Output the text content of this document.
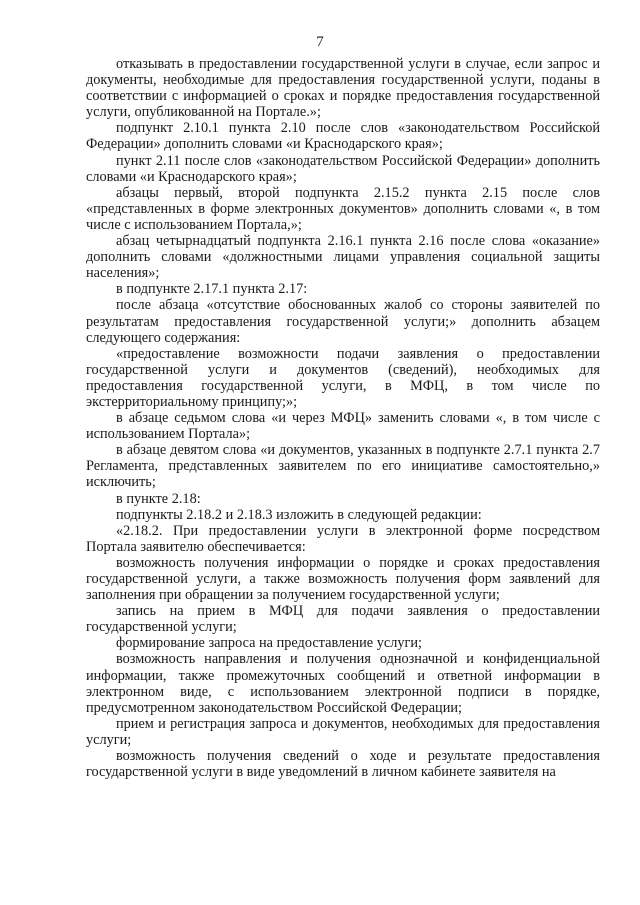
7

отказывать в предоставлении государственной услуги в случае, если запрос и документы, необходимые для предоставления государственной услуги, поданы в соответствии с информацией о сроках и порядке предоставления государственной услуги, опубликованной на Портале.»;

подпункт 2.10.1 пункта 2.10 после слов «законодательством Российской Федерации» дополнить словами «и Краснодарского края»;

пункт 2.11 после слов «законодательством Российской Федерации» дополнить словами «и Краснодарского края»;

абзацы первый, второй подпункта 2.15.2 пункта 2.15 после слов «представленных в форме электронных документов» дополнить словами «, в том числе с использованием Портала,»;

абзац четырнадцатый подпункта 2.16.1 пункта 2.16 после слова «оказание» дополнить словами «должностными лицами управления социальной защиты населения»;

в подпункте 2.17.1 пункта 2.17:

после абзаца «отсутствие обоснованных жалоб со стороны заявителей по результатам предоставления государственной услуги;» дополнить абзацем следующего содержания:

«предоставление возможности подачи заявления о предоставлении государственной услуги и документов (сведений), необходимых для предоставления государственной услуги, в МФЦ, в том числе по экстерриториальному принципу;»;

в абзаце седьмом слова «и через МФЦ» заменить словами «, в том числе с использованием Портала»;

в абзаце девятом слова «и документов, указанных в подпункте 2.7.1 пункта 2.7 Регламента, представленных заявителем по его инициативе самостоятельно,» исключить;

в пункте 2.18:

подпункты 2.18.2 и 2.18.3 изложить в следующей редакции:

«2.18.2. При предоставлении услуги в электронной форме посредством Портала заявителю обеспечивается:

возможность получения информации о порядке и сроках предоставления государственной услуги, а также возможность получения форм заявлений для заполнения при обращении за получением государственной услуги;

запись на прием в МФЦ для подачи заявления о предоставлении государственной услуги;

формирование запроса на предоставление услуги;

возможность направления и получения однозначной и конфиденциальной информации, также промежуточных сообщений и ответной информации в электронном виде, с использованием электронной подписи в порядке, предусмотренном законодательством Российской Федерации;

прием и регистрация запроса и документов, необходимых для предоставления услуги;

возможность получения сведений о ходе и результате предоставления государственной услуги в виде уведомлений в личном кабинете заявителя на
